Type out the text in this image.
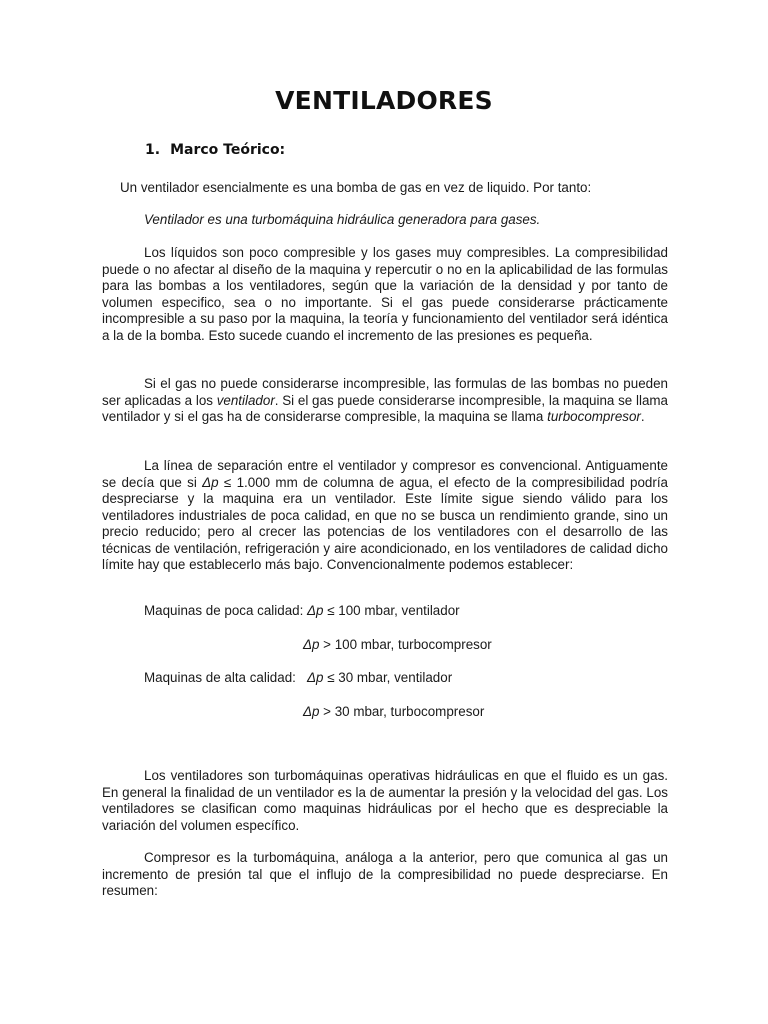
VENTILADORES
1. Marco Teórico:

Un ventilador esencialmente es una bomba de gas en vez de liquido. Por tanto:

Ventilador es una turbomáquina hidráulica generadora para gases.

Los líquidos son poco compresible y los gases muy compresibles. La compresibilidad puede o no afectar al diseño de la maquina y repercutir o no en la aplicabilidad de las formulas para las bombas a los ventiladores, según que la variación de la densidad y por tanto de volumen especifico, sea o no importante. Si el gas puede considerarse prácticamente incompresible a su paso por la maquina, la teoría y funcionamiento del ventilador será idéntica a la de la bomba. Esto sucede cuando el incremento de las presiones es pequeña.

Si el gas no puede considerarse incompresible, las formulas de las bombas no pueden ser aplicadas a los ventilador. Si el gas puede considerarse incompresible, la maquina se llama ventilador y si el gas ha de considerarse compresible, la maquina se llama turbocompresor.

La línea de separación entre el ventilador y compresor es convencional. Antiguamente se decía que si Δp ≤ 1.000 mm de columna de agua, el efecto de la compresibilidad podría despreciarse y la maquina era un ventilador. Este límite sigue siendo válido para los ventiladores industriales de poca calidad, en que no se busca un rendimiento grande, sino un precio reducido; pero al crecer las potencias de los ventiladores con el desarrollo de las técnicas de ventilación, refrigeración y aire acondicionado, en los ventiladores de calidad dicho límite hay que establecerlo más bajo. Convencionalmente podemos establecer:

Maquinas de poca calidad: Δp ≤ 100 mbar, ventilador

Δp > 100 mbar, turbocompresor

Maquinas de alta calidad: Δp ≤ 30 mbar, ventilador

Δp > 30 mbar, turbocompresor

Los ventiladores son turbomáquinas operativas hidráulicas en que el fluido es un gas. En general la finalidad de un ventilador es la de aumentar la presión y la velocidad del gas. Los ventiladores se clasifican como maquinas hidráulicas por el hecho que es despreciable la variación del volumen específico.

Compresor es la turbomáquina, análoga a la anterior, pero que comunica al gas un incremento de presión tal que el influjo de la compresibilidad no puede despreciarse. En resumen:
